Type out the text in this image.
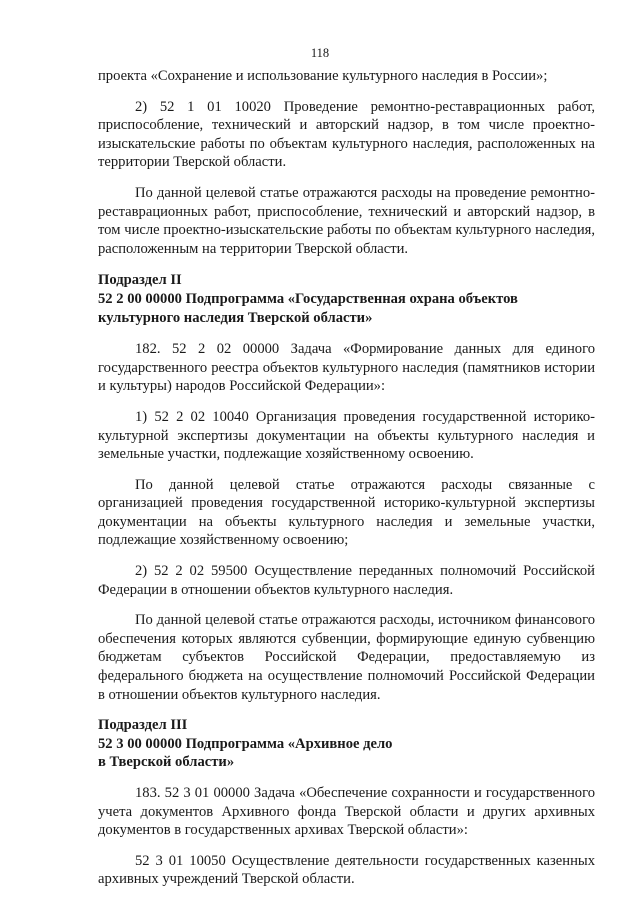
118

проекта «Сохранение и использование культурного наследия в России»;

2) 52 1 01 10020 Проведение ремонтно-реставрационных работ, приспособление, технический и авторский надзор, в том числе проектно-изыскательские работы по объектам культурного наследия, расположенных на территории Тверской области.

По данной целевой статье отражаются расходы на проведение ремонтно-реставрационных работ, приспособление, технический и авторский надзор, в том числе проектно-изыскательские работы по объектам культурного наследия, расположенным на территории Тверской области.

Подраздел II

52 2 00 00000 Подпрограмма «Государственная охрана объектов

культурного наследия Тверской области»

182. 52 2 02 00000 Задача «Формирование данных для единого государственного реестра объектов культурного наследия (памятников истории и культуры) народов Российской Федерации»:

1) 52 2 02 10040 Организация проведения государственной историко-культурной экспертизы документации на объекты культурного наследия и земельные участки, подлежащие хозяйственному освоению.

По данной целевой статье отражаются расходы связанные с организацией проведения государственной историко-культурной экспертизы документации на объекты культурного наследия и земельные участки, подлежащие хозяйственному освоению;

2) 52 2 02 59500 Осуществление переданных полномочий Российской Федерации в отношении объектов культурного наследия.

По данной целевой статье отражаются расходы, источником финансового обеспечения которых являются субвенции, формирующие единую субвенцию бюджетам субъектов Российской Федерации, предоставляемую из федерального бюджета на осуществление полномочий Российской Федерации в отношении объектов культурного наследия.

Подраздел III

52 3 00 00000 Подпрограмма «Архивное дело

в Тверской области»

183. 52 3 01 00000 Задача «Обеспечение сохранности и государственного учета документов Архивного фонда Тверской области и других архивных документов в государственных архивах Тверской области»:

52 3 01 10050 Осуществление деятельности государственных казенных архивных учреждений Тверской области.
